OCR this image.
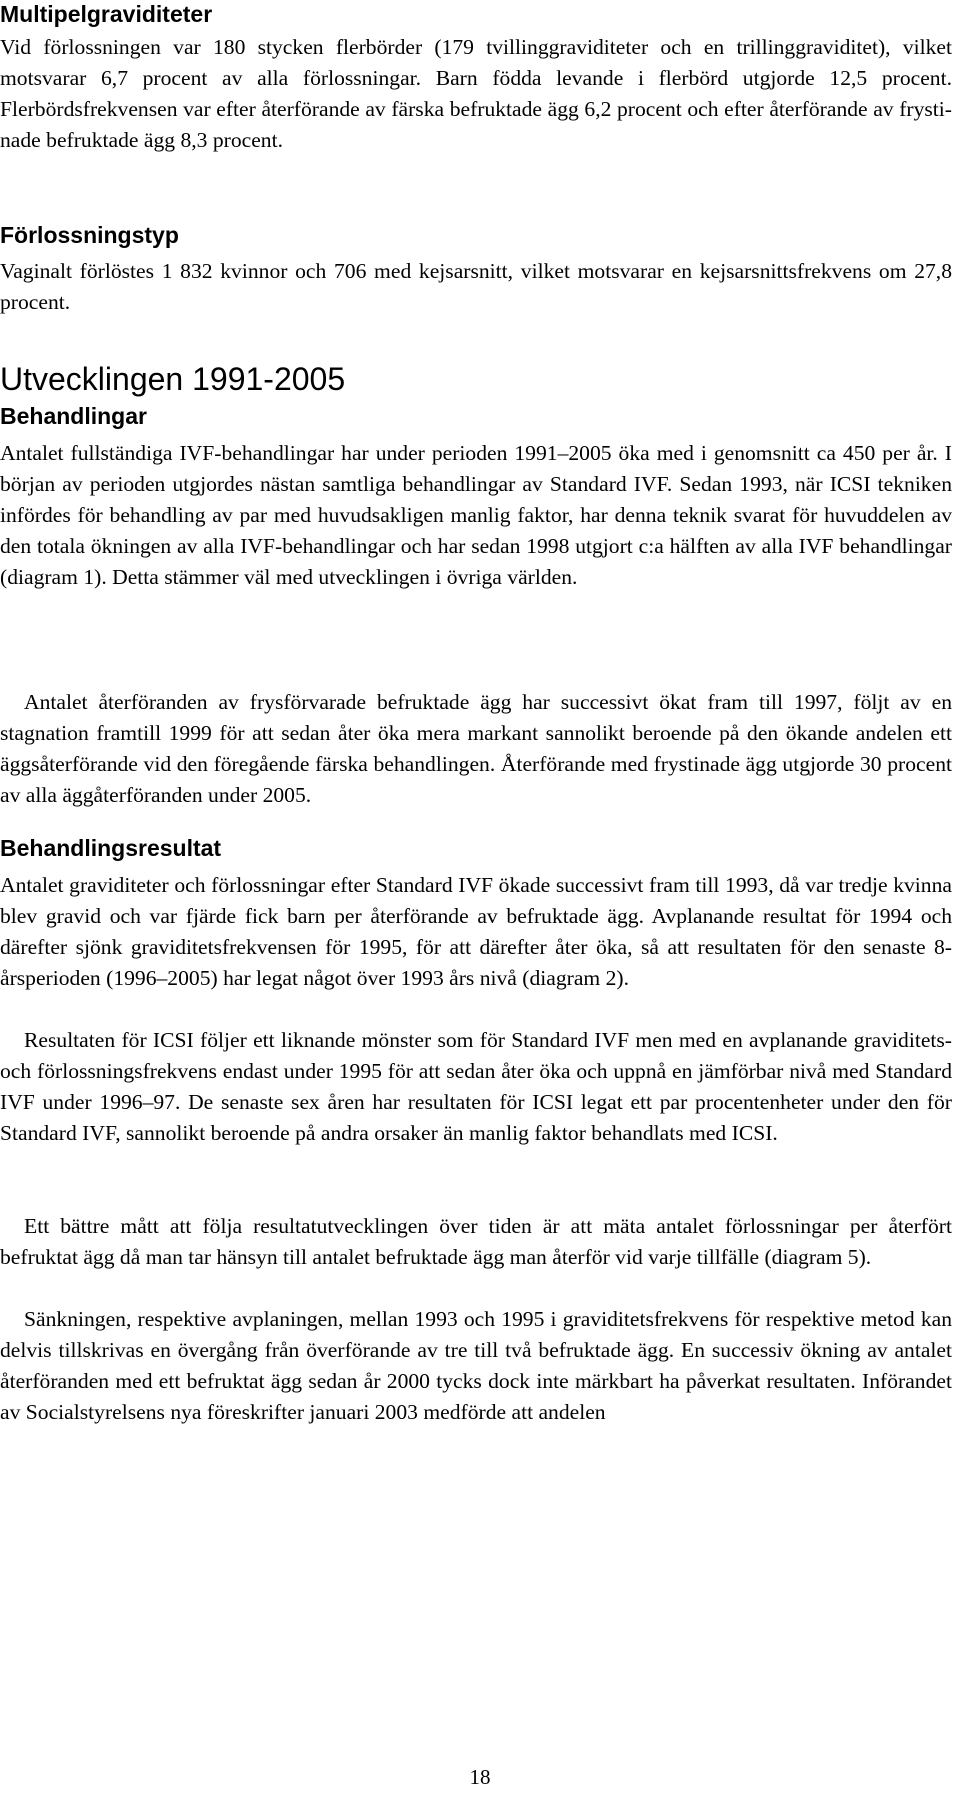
Multipelgraviditeter

Vid förlossningen var 180 stycken flerbörder (179 tvillinggraviditeter och en trillinggraviditet), vilket motsvarar 6,7 procent av alla förlossningar. Barn födda levande i flerbörd utgjorde 12,5 procent. Flerbördsfrekvensen var efter återförande av färska befruktade ägg 6,2 procent och efter återförande av frystinade befruktade ägg 8,3 procent.

Förlossningstyp

Vaginalt förlöstes 1 832 kvinnor och 706 med kejsarsnitt, vilket motsvarar en kejsarsnittsfrekvens om 27,8 procent.

Utvecklingen 1991-2005
Behandlingar

Antalet fullständiga IVF-behandlingar har under perioden 1991–2005 öka med i genomsnitt ca 450 per år. I början av perioden utgjordes nästan samtliga behandlingar av Standard IVF. Sedan 1993, när ICSI tekniken infördes för behandling av par med huvudsakligen manlig faktor, har denna teknik svarat för huvuddelen av den totala ökningen av alla IVF-behandlingar och har sedan 1998 utgjort c:a hälften av alla IVF behandlingar (diagram 1). Detta stämmer väl med utvecklingen i övriga världen.

Antalet återföranden av frysförvarade befruktade ägg har successivt ökat fram till 1997, följt av en stagnation framtill 1999 för att sedan åter öka mera markant sannolikt beroende på den ökande andelen ett äggsåterförande vid den föregående färska behandlingen. Återförande med frystinade ägg utgjorde 30 procent av alla äggåterföranden under 2005.

Behandlingsresultat

Antalet graviditeter och förlossningar efter Standard IVF ökade successivt fram till 1993, då var tredje kvinna blev gravid och var fjärde fick barn per återförande av befruktade ägg. Avplanande resultat för 1994 och därefter sjönk graviditetsfrekvensen för 1995, för att därefter åter öka, så att resultaten för den senaste 8-årsperioden (1996–2005) har legat något över 1993 års nivå (diagram 2).

Resultaten för ICSI följer ett liknande mönster som för Standard IVF men med en avplanande graviditets- och förlossningsfrekvens endast under 1995 för att sedan åter öka och uppnå en jämförbar nivå med Standard IVF under 1996–97. De senaste sex åren har resultaten för ICSI legat ett par procentenheter under den för Standard IVF, sannolikt beroende på andra orsaker än manlig faktor behandlats med ICSI.

Ett bättre mått att följa resultatutvecklingen över tiden är att mäta antalet förlossningar per återfört befruktat ägg då man tar hänsyn till antalet befruktade ägg man återför vid varje tillfälle (diagram 5).

Sänkningen, respektive avplaningen, mellan 1993 och 1995 i graviditetsfrekvens för respektive metod kan delvis tillskrivas en övergång från överförande av tre till två befruktade ägg. En successiv ökning av antalet återföranden med ett befruktat ägg sedan år 2000 tycks dock inte märkbart ha påverkat resultaten. Införandet av Socialstyrelsens nya föreskrifter januari 2003 medförde att andelen

18
